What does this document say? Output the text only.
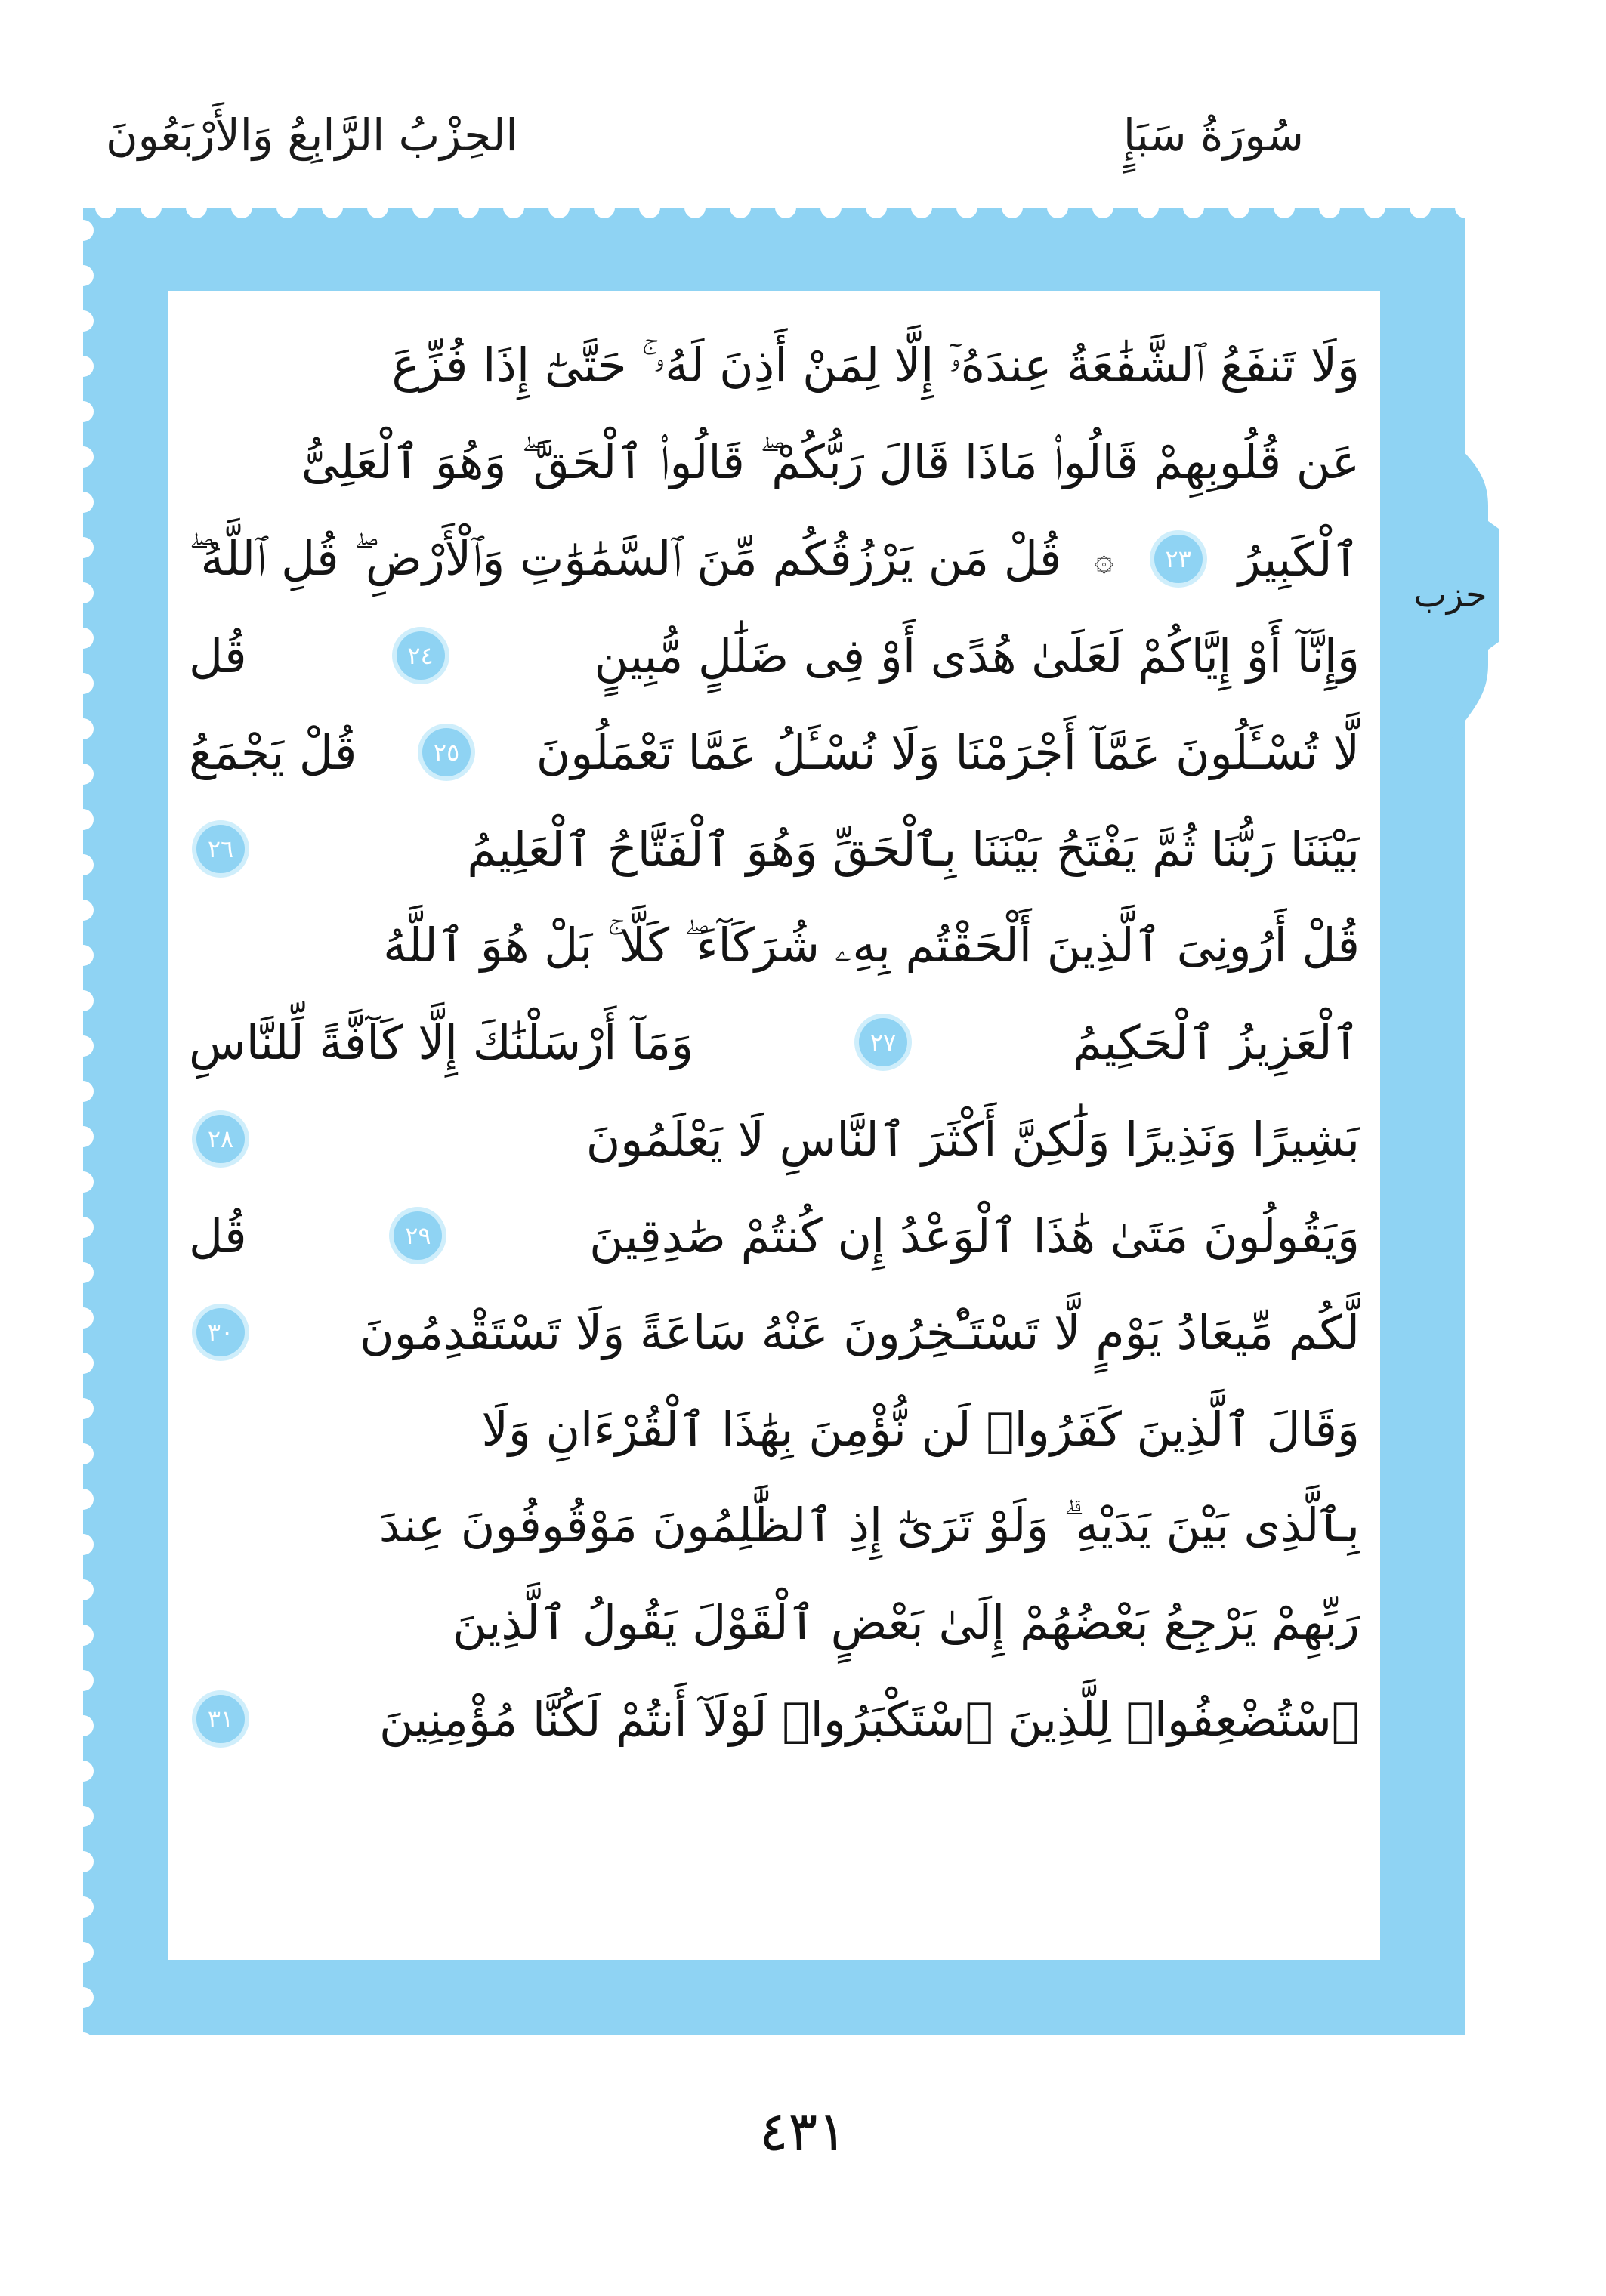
سُورَةُ سَبَإٍ
الحِزْبُ الرَّابِعُ وَالأَرْبَعُونَ
وَلَا تَنفَعُ ٱلشَّفَٰعَةُ عِندَهُۥٓ إِلَّا لِمَنْ أَذِنَ لَهُۥ ۚ حَتَّىٰٓ إِذَا فُزِّعَ
عَن قُلُوبِهِمْ قَالُوا۟ مَاذَا قَالَ رَبُّكُمْ ۖ قَالُوا۟ ٱلْحَقَّ ۖ وَهُوَ ٱلْعَلِىُّ
ٱلْكَبِيرُ
٢٣
۞
قُلْ مَن يَرْزُقُكُم مِّنَ ٱلسَّمَٰوَٰتِ وَٱلْأَرْضِ ۖ قُلِ ٱللَّهُ ۖ
وَإِنَّآ أَوْ إِيَّاكُمْ لَعَلَىٰ هُدًى أَوْ فِى ضَلَٰلٍ مُّبِينٍ
٢٤
قُل
لَّا تُسْـَٔلُونَ عَمَّآ أَجْرَمْنَا وَلَا نُسْـَٔلُ عَمَّا تَعْمَلُونَ
٢٥
قُلْ يَجْمَعُ
بَيْنَنَا رَبُّنَا ثُمَّ يَفْتَحُ بَيْنَنَا بِٱلْحَقِّ وَهُوَ ٱلْفَتَّاحُ ٱلْعَلِيمُ
٢٦
قُلْ أَرُونِىَ ٱلَّذِينَ أَلْحَقْتُم بِهِۦ شُرَكَآءَ ۖ كَلَّا ۚ بَلْ هُوَ ٱللَّهُ
ٱلْعَزِيزُ ٱلْحَكِيمُ
٢٧
وَمَآ أَرْسَلْنَٰكَ إِلَّا كَآفَّةً لِّلنَّاسِ
بَشِيرًا وَنَذِيرًا وَلَٰكِنَّ أَكْثَرَ ٱلنَّاسِ لَا يَعْلَمُونَ
٢٨
وَيَقُولُونَ مَتَىٰ هَٰذَا ٱلْوَعْدُ إِن كُنتُمْ صَٰدِقِينَ
٢٩
قُل
لَّكُم مِّيعَادُ يَوْمٍ لَّا تَسْتَـْٔخِرُونَ عَنْهُ سَاعَةً وَلَا تَسْتَقْدِمُونَ
٣٠
وَقَالَ ٱلَّذِينَ كَفَرُوا۟ لَن نُّؤْمِنَ بِهَٰذَا ٱلْقُرْءَانِ وَلَا
بِٱلَّذِى بَيْنَ يَدَيْهِ ۗ وَلَوْ تَرَىٰٓ إِذِ ٱلظَّٰلِمُونَ مَوْقُوفُونَ عِندَ
رَبِّهِمْ يَرْجِعُ بَعْضُهُمْ إِلَىٰ بَعْضٍ ٱلْقَوْلَ يَقُولُ ٱلَّذِينَ
ٱسْتُضْعِفُوا۟ لِلَّذِينَ ٱسْتَكْبَرُوا۟ لَوْلَآ أَنتُمْ لَكُنَّا مُؤْمِنِينَ
٣١
حزب
٤٣١
